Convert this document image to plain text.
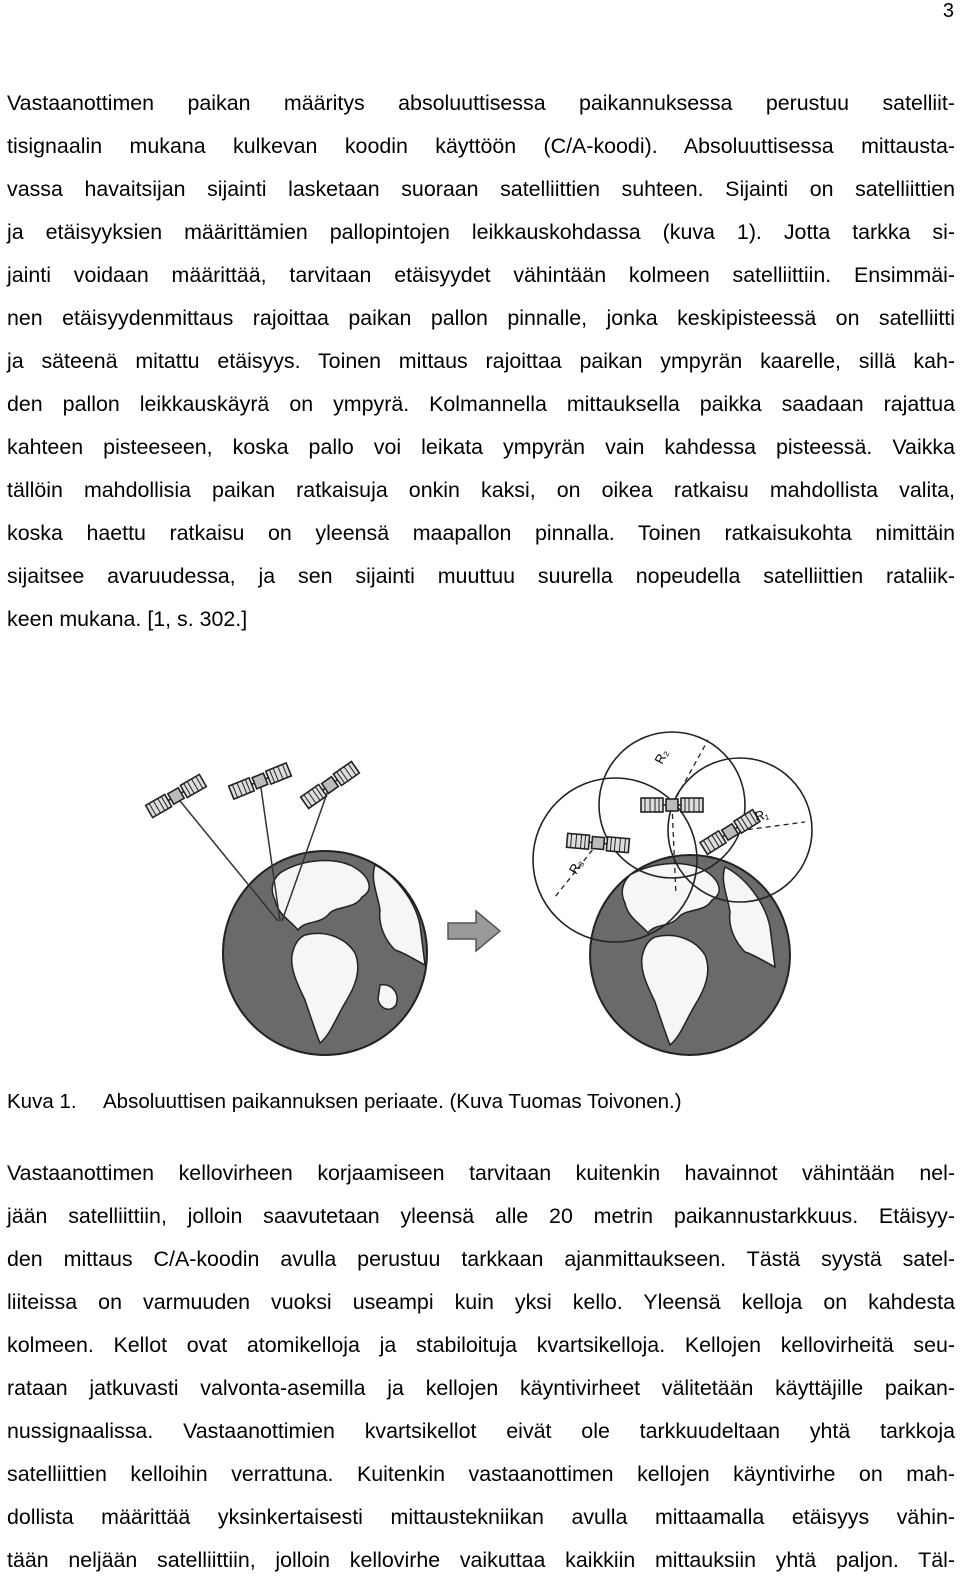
3
Vastaanottimen paikan määritys absoluuttisessa paikannuksessa perustuu satelliit-
tisignaalin mukana kulkevan koodin käyttöön (C/A-koodi). Absoluuttisessa mittausta-
vassa havaitsijan sijainti lasketaan suoraan satelliittien suhteen. Sijainti on satelliittien
ja etäisyyksien määrittämien pallopintojen leikkauskohdassa (kuva 1). Jotta tarkka si-
jainti voidaan määrittää, tarvitaan etäisyydet vähintään kolmeen satelliittiin. Ensimmäi-
nen etäisyydenmittaus rajoittaa paikan pallon pinnalle, jonka keskipisteessä on satelliitti
ja säteenä mitattu etäisyys. Toinen mittaus rajoittaa paikan ympyrän kaarelle, sillä kah-
den pallon leikkauskäyrä on ympyrä. Kolmannella mittauksella paikka saadaan rajattua
kahteen pisteeseen, koska pallo voi leikata ympyrän vain kahdessa pisteessä. Vaikka
tällöin mahdollisia paikan ratkaisuja onkin kaksi, on oikea ratkaisu mahdollista valita,
koska haettu ratkaisu on yleensä maapallon pinnalla. Toinen ratkaisukohta nimittäin
sijaitsee avaruudessa, ja sen sijainti muuttuu suurella nopeudella satelliittien rataliik-
keen mukana. [1, s. 302.]
R₂
R₁
R₃
Kuva 1. Absoluuttisen paikannuksen periaate. (Kuva Tuomas Toivonen.)
Vastaanottimen kellovirheen korjaamiseen tarvitaan kuitenkin havainnot vähintään nel-
jään satelliittiin, jolloin saavutetaan yleensä alle 20 metrin paikannustarkkuus. Etäisyy-
den mittaus C/A-koodin avulla perustuu tarkkaan ajanmittaukseen. Tästä syystä satel-
liiteissa on varmuuden vuoksi useampi kuin yksi kello. Yleensä kelloja on kahdesta
kolmeen. Kellot ovat atomikelloja ja stabiloituja kvartsikelloja. Kellojen kellovirheitä seu-
rataan jatkuvasti valvonta-asemilla ja kellojen käyntivirheet välitetään käyttäjille paikan-
nussignaalissa. Vastaanottimien kvartsikellot eivät ole tarkkuudeltaan yhtä tarkkoja
satelliittien kelloihin verrattuna. Kuitenkin vastaanottimen kellojen käyntivirhe on mah-
dollista määrittää yksinkertaisesti mittaustekniikan avulla mittaamalla etäisyys vähin-
tään neljään satelliittiin, jolloin kellovirhe vaikuttaa kaikkiin mittauksiin yhtä paljon. Täl-
